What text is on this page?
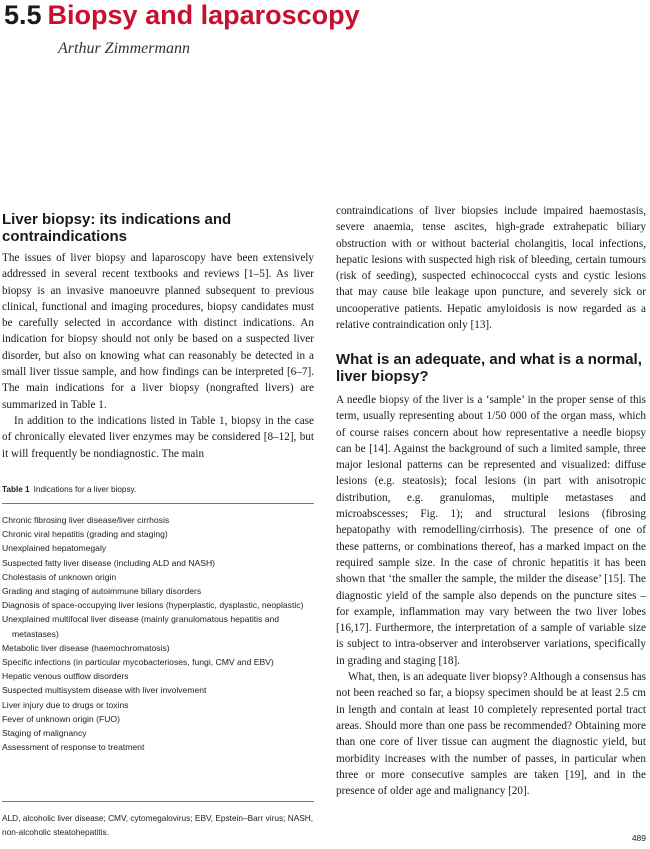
5.5 Biopsy and laparoscopy
Arthur Zimmermann
Liver biopsy: its indications and contraindications

The issues of liver biopsy and laparoscopy have been extensively addressed in several recent textbooks and reviews [1–5]. As liver biopsy is an invasive manoeuvre planned subsequent to previous clinical, functional and imaging procedures, biopsy candidates must be carefully selected in accordance with distinct indications. An indication for biopsy should not only be based on a suspected liver disorder, but also on knowing what can reasonably be detected in a small liver tissue sample, and how findings can be interpreted [6–7]. The main indications for a liver biopsy (nongrafted livers) are summarized in Table 1.

In addition to the indications listed in Table 1, biopsy in the case of chronically elevated liver enzymes may be considered [8–12], but it will frequently be nondiagnostic. The main

Table 1 Indications for a liver biopsy.
Chronic fibrosing liver disease/liver cirrhosis
Chronic viral hepatitis (grading and staging)
Unexplained hepatomegaly
Suspected fatty liver disease (including ALD and NASH)
Cholestasis of unknown origin
Grading and staging of autoimmune biliary disorders
Diagnosis of space-occupying liver lesions (hyperplastic, dysplastic, neoplastic)
Unexplained multifocal liver disease (mainly granulomatous hepatitis and metastases)
Metabolic liver disease (haemochromatosis)
Specific infections (in particular mycobacterioses, fungi, CMV and EBV)
Hepatic venous outflow disorders
Suspected multisystem disease with liver involvement
Liver injury due to drugs or toxins
Fever of unknown origin (FUO)
Staging of malignancy
Assessment of response to treatment
ALD, alcoholic liver disease; CMV, cytomegalovirus; EBV, Epstein–Barr virus; NASH, non-alcoholic steatohepatitis.

contraindications of liver biopsies include impaired haemostasis, severe anaemia, tense ascites, high-grade extrahepatic biliary obstruction with or without bacterial cholangitis, local infections, hepatic lesions with suspected high risk of bleeding, certain tumours (risk of seeding), suspected echinococcal cysts and cystic lesions that may cause bile leakage upon puncture, and severely sick or uncooperative patients. Hepatic amyloidosis is now regarded as a relative contraindication only [13].

What is an adequate, and what is a normal, liver biopsy?

A needle biopsy of the liver is a ‘sample’ in the proper sense of this term, usually representing about 1/50 000 of the organ mass, which of course raises concern about how representative a needle biopsy can be [14]. Against the background of such a limited sample, three major lesional patterns can be represented and visualized: diffuse lesions (e.g. steatosis); focal lesions (in part with anisotropic distribution, e.g. granulomas, multiple metastases and microabscesses; Fig. 1); and structural lesions (fibrosing hepatopathy with remodelling/cirrhosis). The presence of one of these patterns, or combinations thereof, has a marked impact on the required sample size. In the case of chronic hepatitis it has been shown that ‘the smaller the sample, the milder the disease’ [15]. The diagnostic yield of the sample also depends on the puncture sites – for example, inflammation may vary between the two liver lobes [16,17]. Furthermore, the interpretation of a sample of variable size is subject to intra-observer and interobserver variations, specifically in grading and staging [18].

What, then, is an adequate liver biopsy? Although a consensus has not been reached so far, a biopsy specimen should be at least 2.5 cm in length and contain at least 10 completely represented portal tract areas. Should more than one pass be recommended? Obtaining more than one core of liver tissue can augment the diagnostic yield, but morbidity increases with the number of passes, in particular when three or more consecutive samples are taken [19], and in the presence of older age and malignancy [20].

489
